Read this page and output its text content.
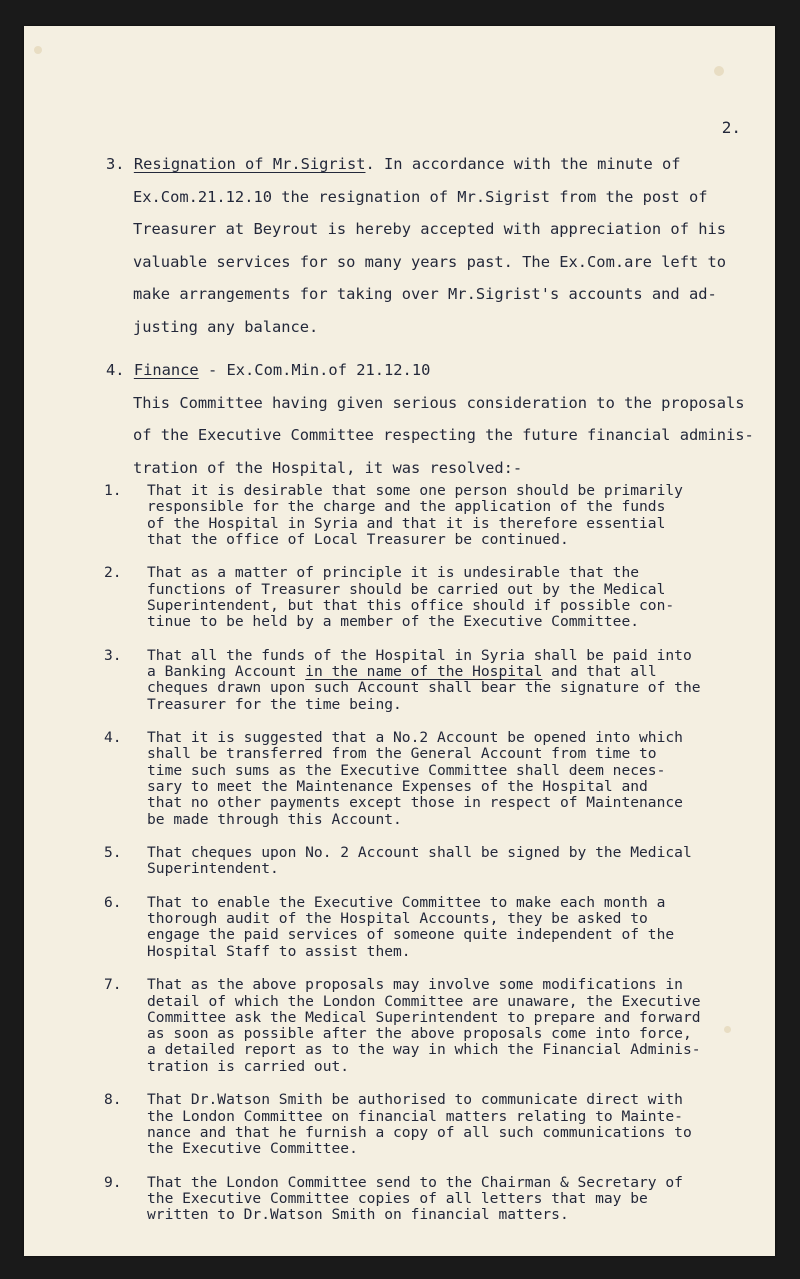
2.
3. Resignation of Mr.Sigrist. In accordance with the minute of
Ex.Com.21.12.10 the resignation of Mr.Sigrist from the post of
Treasurer at Beyrout is hereby accepted with appreciation of his
valuable services for so many years past. The Ex.Com.are left to
make arrangements for taking over Mr.Sigrist's accounts and ad-
justing any balance.
4. Finance - Ex.Com.Min.of 21.12.10
This Committee having given serious consideration to the proposals
of the Executive Committee respecting the future financial adminis-
tration of the Hospital, it was resolved:-
1. That it is desirable that some one person should be primarily
responsible for the charge and the application of the funds
of the Hospital in Syria and that it is therefore essential
that the office of Local Treasurer be continued.
2. That as a matter of principle it is undesirable that the
functions of Treasurer should be carried out by the Medical
Superintendent, but that this office should if possible con-
tinue to be held by a member of the Executive Committee.
3. That all the funds of the Hospital in Syria shall be paid into
a Banking Account in the name of the Hospital and that all
cheques drawn upon such Account shall bear the signature of the
Treasurer for the time being.
4. That it is suggested that a No.2 Account be opened into which
shall be transferred from the General Account from time to
time such sums as the Executive Committee shall deem neces-
sary to meet the Maintenance Expenses of the Hospital and
that no other payments except those in respect of Maintenance
be made through this Account.
5. That cheques upon No. 2 Account shall be signed by the Medical
Superintendent.
6. That to enable the Executive Committee to make each month a
thorough audit of the Hospital Accounts, they be asked to
engage the paid services of someone quite independent of the
Hospital Staff to assist them.
7. That as the above proposals may involve some modifications in
detail of which the London Committee are unaware, the Executive
Committee ask the Medical Superintendent to prepare and forward
as soon as possible after the above proposals come into force,
a detailed report as to the way in which the Financial Adminis-
tration is carried out.
8. That Dr.Watson Smith be authorised to communicate direct with
the London Committee on financial matters relating to Mainte-
nance and that he furnish a copy of all such communications to
the Executive Committee.
9. That the London Committee send to the Chairman & Secretary of
the Executive Committee copies of all letters that may be
written to Dr.Watson Smith on financial matters.
